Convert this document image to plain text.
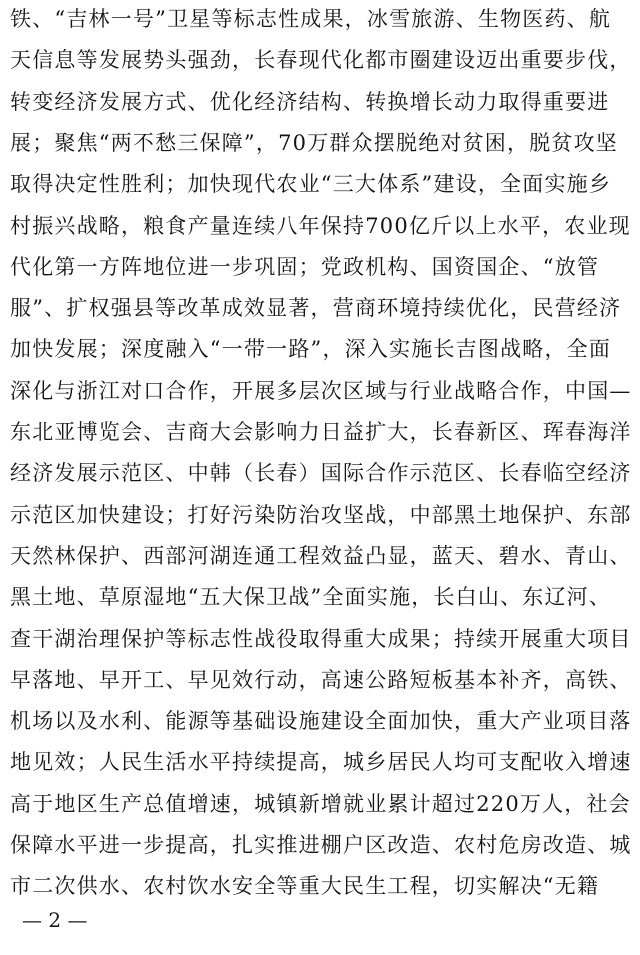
铁、“吉林一号”卫星等标志性成果，冰雪旅游、生物医药、航
天信息等发展势头强劲，长春现代化都市圈建设迈出重要步伐，
转变经济发展方式、优化经济结构、转换增长动力取得重要进
展；聚焦“两不愁三保障”，70万群众摆脱绝对贫困，脱贫攻坚
取得决定性胜利；加快现代农业“三大体系”建设，全面实施乡
村振兴战略，粮食产量连续八年保持700亿斤以上水平，农业现
代化第一方阵地位进一步巩固；党政机构、国资国企、“放管
服”、扩权强县等改革成效显著，营商环境持续优化，民营经济
加快发展；深度融入“一带一路”，深入实施长吉图战略，全面
深化与浙江对口合作，开展多层次区域与行业战略合作，中国—
东北亚博览会、吉商大会影响力日益扩大，长春新区、珲春海洋
经济发展示范区、中韩（长春）国际合作示范区、长春临空经济
示范区加快建设；打好污染防治攻坚战，中部黑土地保护、东部
天然林保护、西部河湖连通工程效益凸显，蓝天、碧水、青山、
黑土地、草原湿地“五大保卫战”全面实施，长白山、东辽河、
查干湖治理保护等标志性战役取得重大成果；持续开展重大项目
早落地、早开工、早见效行动，高速公路短板基本补齐，高铁、
机场以及水利、能源等基础设施建设全面加快，重大产业项目落
地见效；人民生活水平持续提高，城乡居民人均可支配收入增速
高于地区生产总值增速，城镇新增就业累计超过220万人，社会
保障水平进一步提高，扎实推进棚户区改造、农村危房改造、城
市二次供水、农村饮水安全等重大民生工程，切实解决“无籍
— 2 —
